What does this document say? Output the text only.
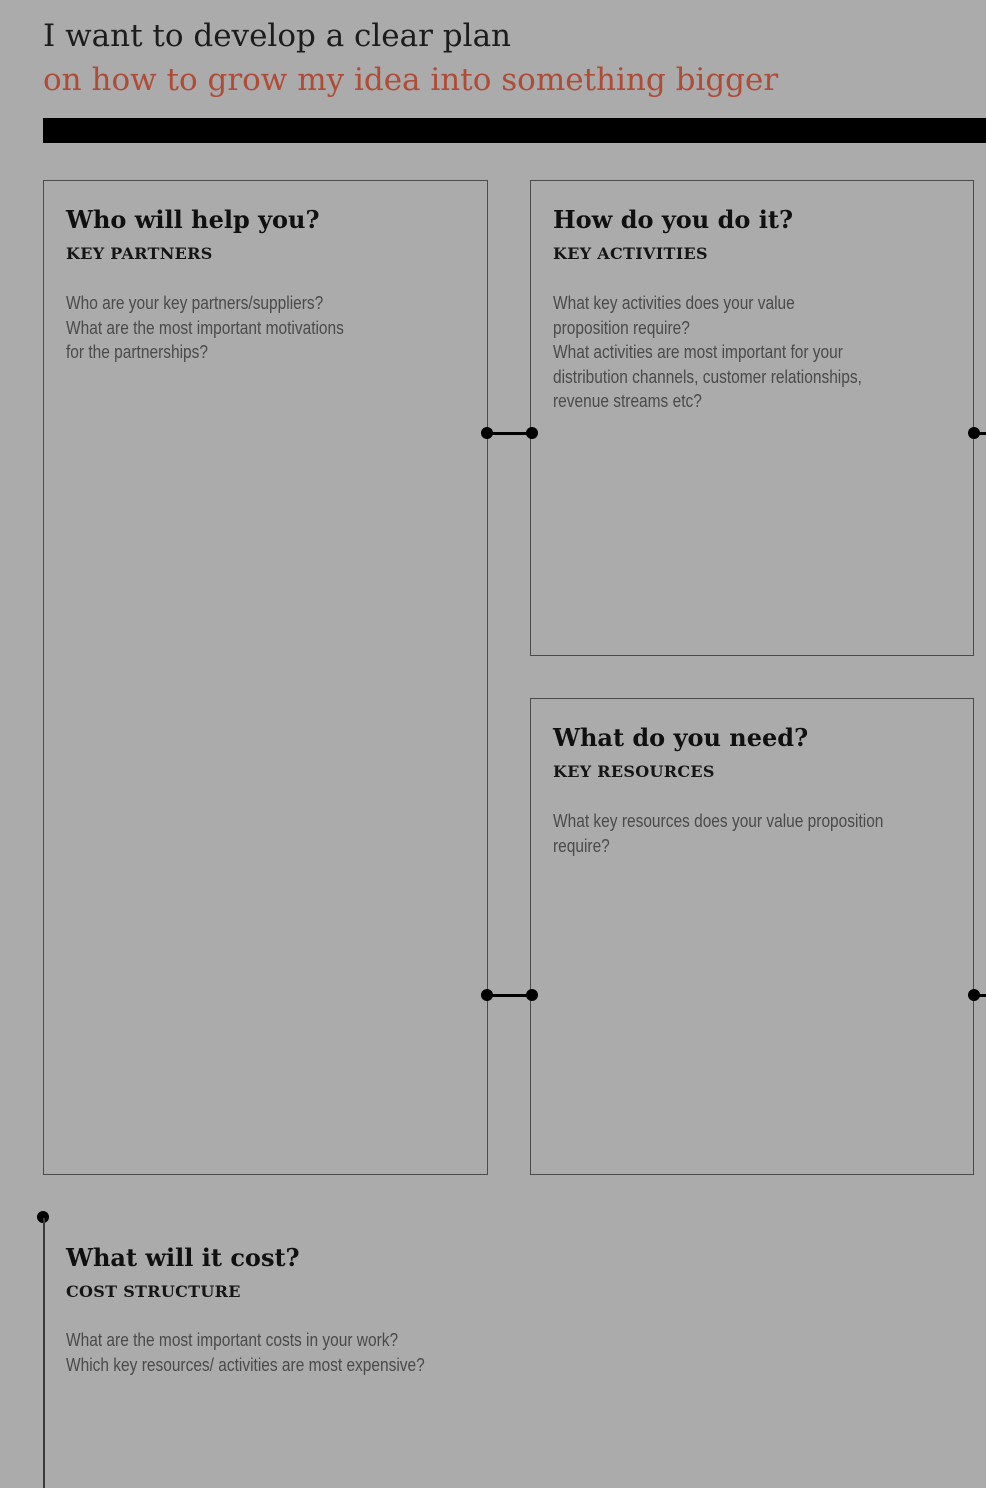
I want to develop a clear plan
on how to grow my idea into something bigger
Who will help you?
KEY PARTNERS

Who are your key partners/suppliers?
What are the most important motivations
for the partnerships?

How do you do it?
KEY ACTIVITIES

What key activities does your value
proposition require?
What activities are most important for your
distribution channels, customer relationships,
revenue streams etc?

What do you need?
KEY RESOURCES

What key resources does your value proposition
require?

What will it cost?
COST STRUCTURE

What are the most important costs in your work?
Which key resources/ activities are most expensive?
